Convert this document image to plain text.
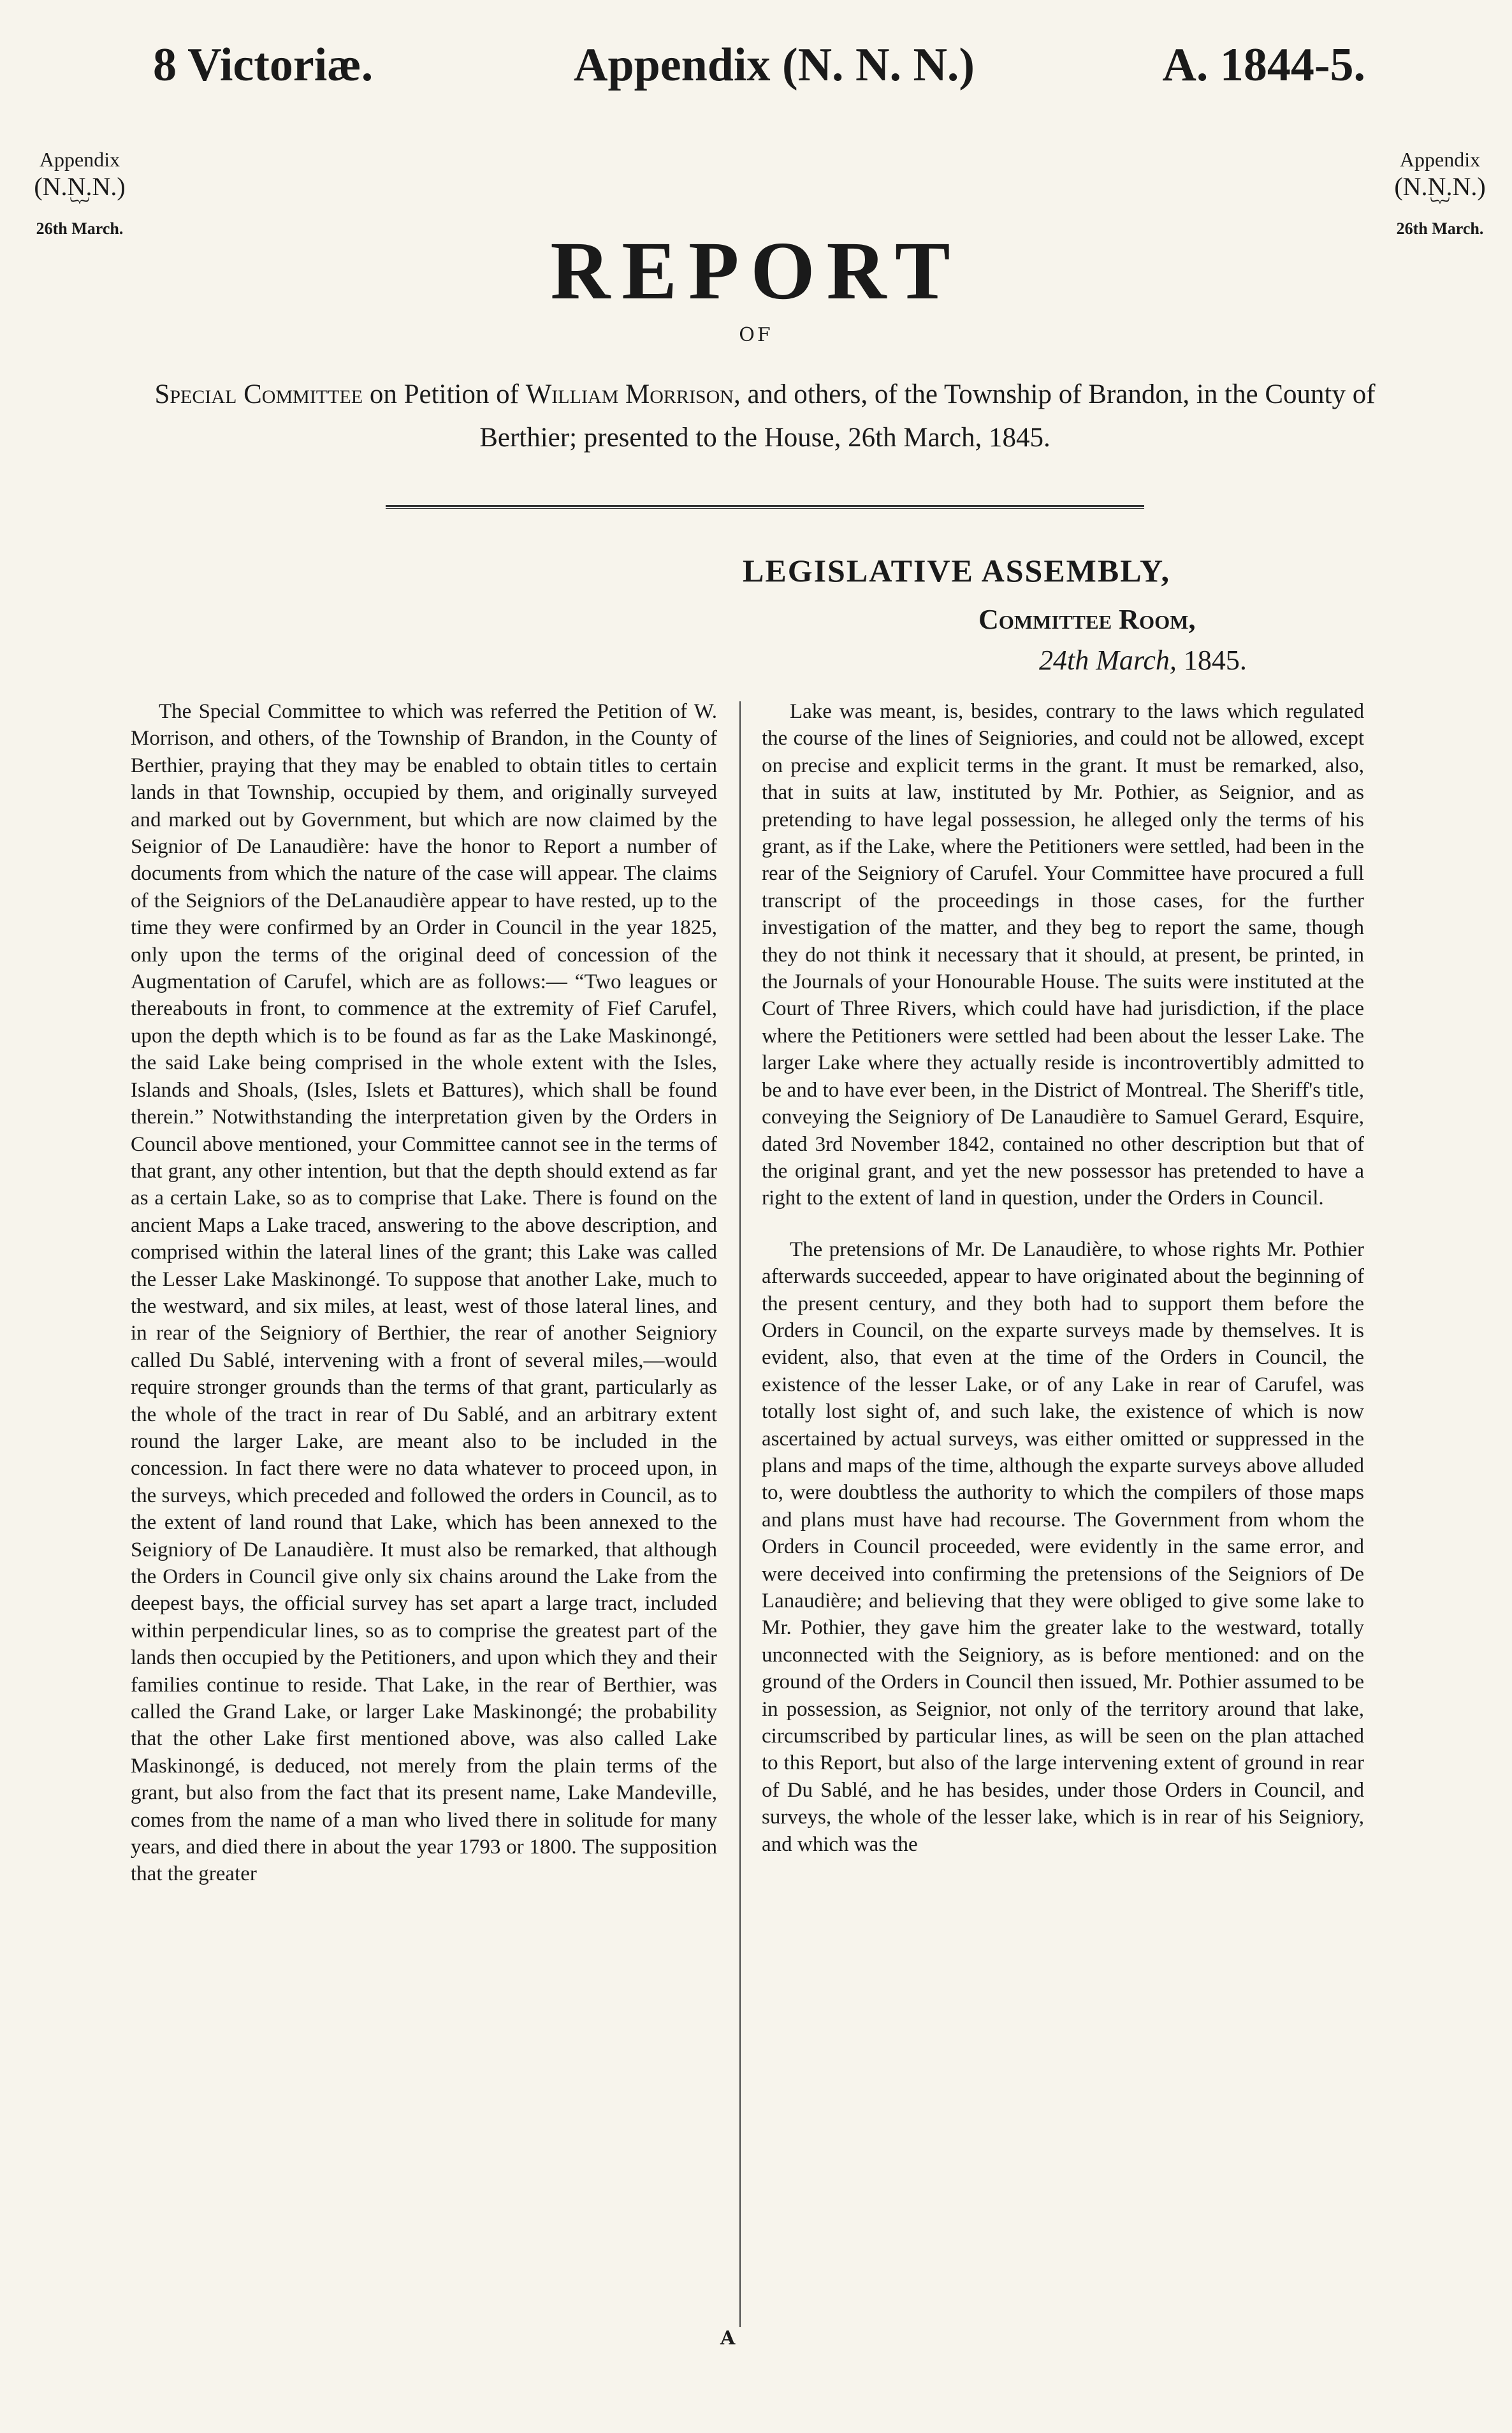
8 Victoriæ.	Appendix (N. N. N.)	A. 1844-5.
Appendix
(N.N.N.)
︸
26th March.
Appendix
(N.N.N.)
︸
26th March.
REPORT
OF
Special Committee on Petition of William Morrison, and others, of the Township of Brandon, in the County of Berthier; presented to the House, 26th March, 1845.
LEGISLATIVE ASSEMBLY,
Committee Room,
24th March, 1845.

The Special Committee to which was referred the Petition of W. Morrison, and others, of the Township of Brandon, in the County of Berthier, praying that they may be enabled to obtain titles to certain lands in that Township, occupied by them, and originally surveyed and marked out by Government, but which are now claimed by the Seignior of De Lanaudière: have the honor to Report a number of documents from which the nature of the case will appear. The claims of the Seigniors of the DeLanaudière appear to have rested, up to the time they were confirmed by an Order in Council in the year 1825, only upon the terms of the original deed of concession of the Augmentation of Carufel, which are as follows:— “Two leagues or thereabouts in front, to commence at the extremity of Fief Carufel, upon the depth which is to be found as far as the Lake Maskinongé, the said Lake being comprised in the whole extent with the Isles, Islands and Shoals, (Isles, Islets et Battures), which shall be found therein.” Notwithstanding the interpretation given by the Orders in Council above mentioned, your Committee cannot see in the terms of that grant, any other intention, but that the depth should extend as far as a certain Lake, so as to comprise that Lake. There is found on the ancient Maps a Lake traced, answering to the above description, and comprised within the lateral lines of the grant; this Lake was called the Lesser Lake Maskinongé. To suppose that another Lake, much to the westward, and six miles, at least, west of those lateral lines, and in rear of the Seigniory of Berthier, the rear of another Seigniory called Du Sablé, intervening with a front of several miles,—would require stronger grounds than the terms of that grant, particularly as the whole of the tract in rear of Du Sablé, and an arbitrary extent round the larger Lake, are meant also to be included in the concession. In fact there were no data whatever to proceed upon, in the surveys, which preceded and followed the orders in Council, as to the extent of land round that Lake, which has been annexed to the Seigniory of De Lanaudière. It must also be remarked, that although the Orders in Council give only six chains around the Lake from the deepest bays, the official survey has set apart a large tract, included within perpendicular lines, so as to comprise the greatest part of the lands then occupied by the Petitioners, and upon which they and their families continue to reside. That Lake, in the rear of Berthier, was called the Grand Lake, or larger Lake Maskinongé; the probability that the other Lake first mentioned above, was also called Lake Maskinongé, is deduced, not merely from the plain terms of the grant, but also from the fact that its present name, Lake Mandeville, comes from the name of a man who lived there in solitude for many years, and died there in about the year 1793 or 1800. The supposition that the greater

Lake was meant, is, besides, contrary to the laws which regulated the course of the lines of Seigniories, and could not be allowed, except on precise and explicit terms in the grant. It must be remarked, also, that in suits at law, instituted by Mr. Pothier, as Seignior, and as pretending to have legal possession, he alleged only the terms of his grant, as if the Lake, where the Petitioners were settled, had been in the rear of the Seigniory of Carufel. Your Committee have procured a full transcript of the proceedings in those cases, for the further investigation of the matter, and they beg to report the same, though they do not think it necessary that it should, at present, be printed, in the Journals of your Honourable House. The suits were instituted at the Court of Three Rivers, which could have had jurisdiction, if the place where the Petitioners were settled had been about the lesser Lake. The larger Lake where they actually reside is incontrovertibly admitted to be and to have ever been, in the District of Montreal. The Sheriff's title, conveying the Seigniory of De Lanaudière to Samuel Gerard, Esquire, dated 3rd November 1842, contained no other description but that of the original grant, and yet the new possessor has pretended to have a right to the extent of land in question, under the Orders in Council.

The pretensions of Mr. De Lanaudière, to whose rights Mr. Pothier afterwards succeeded, appear to have originated about the beginning of the present century, and they both had to support them before the Orders in Council, on the exparte surveys made by themselves. It is evident, also, that even at the time of the Orders in Council, the existence of the lesser Lake, or of any Lake in rear of Carufel, was totally lost sight of, and such lake, the existence of which is now ascertained by actual surveys, was either omitted or suppressed in the plans and maps of the time, although the exparte surveys above alluded to, were doubtless the authority to which the compilers of those maps and plans must have had recourse. The Government from whom the Orders in Council proceeded, were evidently in the same error, and were deceived into confirming the pretensions of the Seigniors of De Lanaudière; and believing that they were obliged to give some lake to Mr. Pothier, they gave him the greater lake to the westward, totally unconnected with the Seigniory, as is before mentioned: and on the ground of the Orders in Council then issued, Mr. Pothier assumed to be in possession, as Seignior, not only of the territory around that lake, circumscribed by particular lines, as will be seen on the plan attached to this Report, but also of the large intervening extent of ground in rear of Du Sablé, and he has besides, under those Orders in Council, and surveys, the whole of the lesser lake, which is in rear of his Seigniory, and which was the

A
